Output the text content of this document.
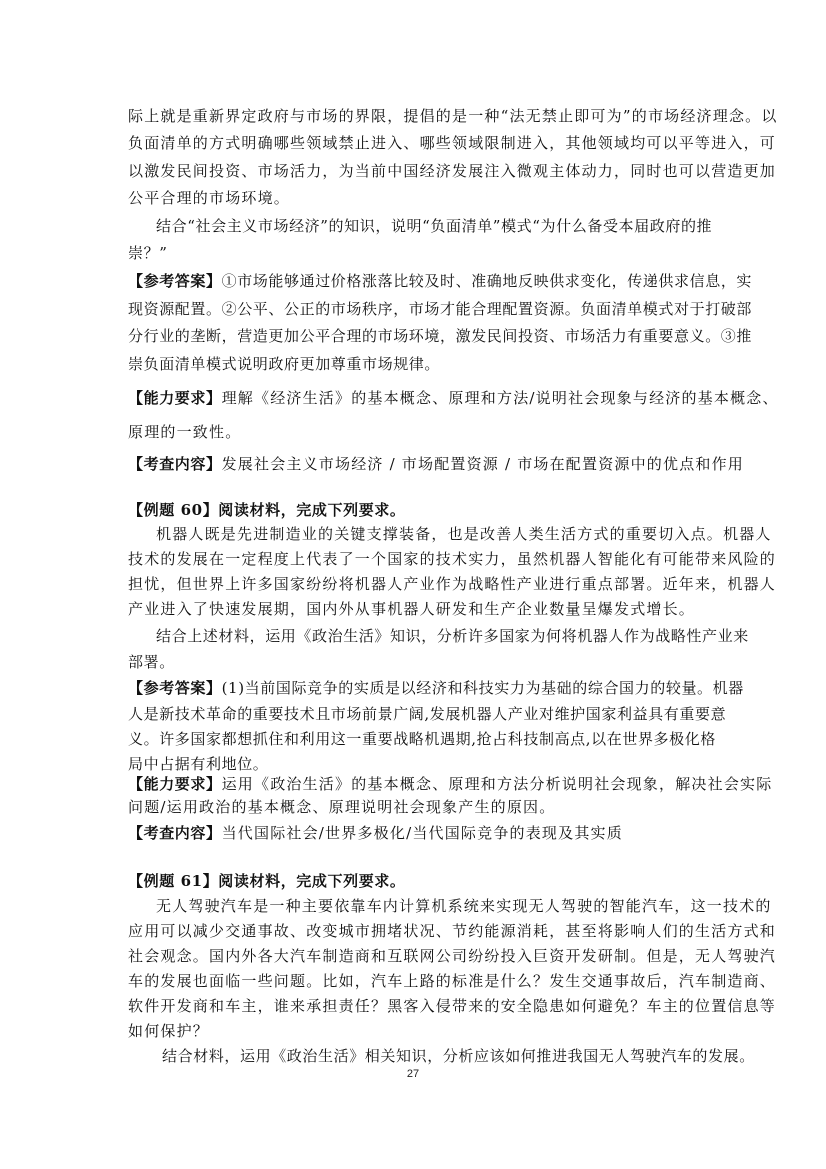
际上就是重新界定政府与市场的界限，提倡的是一种“法无禁止即可为”的市场经济理念。以
负面清单的方式明确哪些领域禁止进入、哪些领域限制进入，其他领域均可以平等进入，可
以激发民间投资、市场活力，为当前中国经济发展注入微观主体动力，同时也可以营造更加
公平合理的市场环境。
结合“社会主义市场经济”的知识，说明“负面清单”模式“为什么备受本届政府的推
崇？”
【参考答案】①市场能够通过价格涨落比较及时、准确地反映供求变化，传递供求信息，实
现资源配置。②公平、公正的市场秩序，市场才能合理配置资源。负面清单模式对于打破部
分行业的垄断，营造更加公平合理的市场环境，激发民间投资、市场活力有重要意义。③推
崇负面清单模式说明政府更加尊重市场规律。
【能力要求】理解《经济生活》的基本概念、原理和方法/说明社会现象与经济的基本概念、
原理的一致性。
【考查内容】发展社会主义市场经济 / 市场配置资源 / 市场在配置资源中的优点和作用
【例题 60】阅读材料，完成下列要求。
机器人既是先进制造业的关键支撑装备，也是改善人类生活方式的重要切入点。机器人
技术的发展在一定程度上代表了一个国家的技术实力，虽然机器人智能化有可能带来风险的
担忧，但世界上许多国家纷纷将机器人产业作为战略性产业进行重点部署。近年来，机器人
产业进入了快速发展期，国内外从事机器人研发和生产企业数量呈爆发式增长。
结合上述材料，运用《政治生活》知识，分析许多国家为何将机器人作为战略性产业来
部署。
【参考答案】(1)当前国际竞争的实质是以经济和科技实力为基础的综合国力的较量。机器
人是新技术革命的重要技术且市场前景广阔,发展机器人产业对维护国家利益具有重要意
义。许多国家都想抓住和利用这一重要战略机遇期,抢占科技制高点,以在世界多极化格
局中占据有利地位。
【能力要求】运用《政治生活》的基本概念、原理和方法分析说明社会现象，解决社会实际
问题/运用政治的基本概念、原理说明社会现象产生的原因。
【考查内容】当代国际社会/世界多极化/当代国际竞争的表现及其实质
【例题 61】阅读材料，完成下列要求。
无人驾驶汽车是一种主要依靠车内计算机系统来实现无人驾驶的智能汽车，这一技术的
应用可以减少交通事故、改变城市拥堵状况、节约能源消耗，甚至将影响人们的生活方式和
社会观念。国内外各大汽车制造商和互联网公司纷纷投入巨资开发研制。但是，无人驾驶汽
车的发展也面临一些问题。比如，汽车上路的标准是什么？发生交通事故后，汽车制造商、
软件开发商和车主，谁来承担责任？黑客入侵带来的安全隐患如何避免？车主的位置信息等
如何保护？
结合材料，运用《政治生活》相关知识，分析应该如何推进我国无人驾驶汽车的发展。
27
